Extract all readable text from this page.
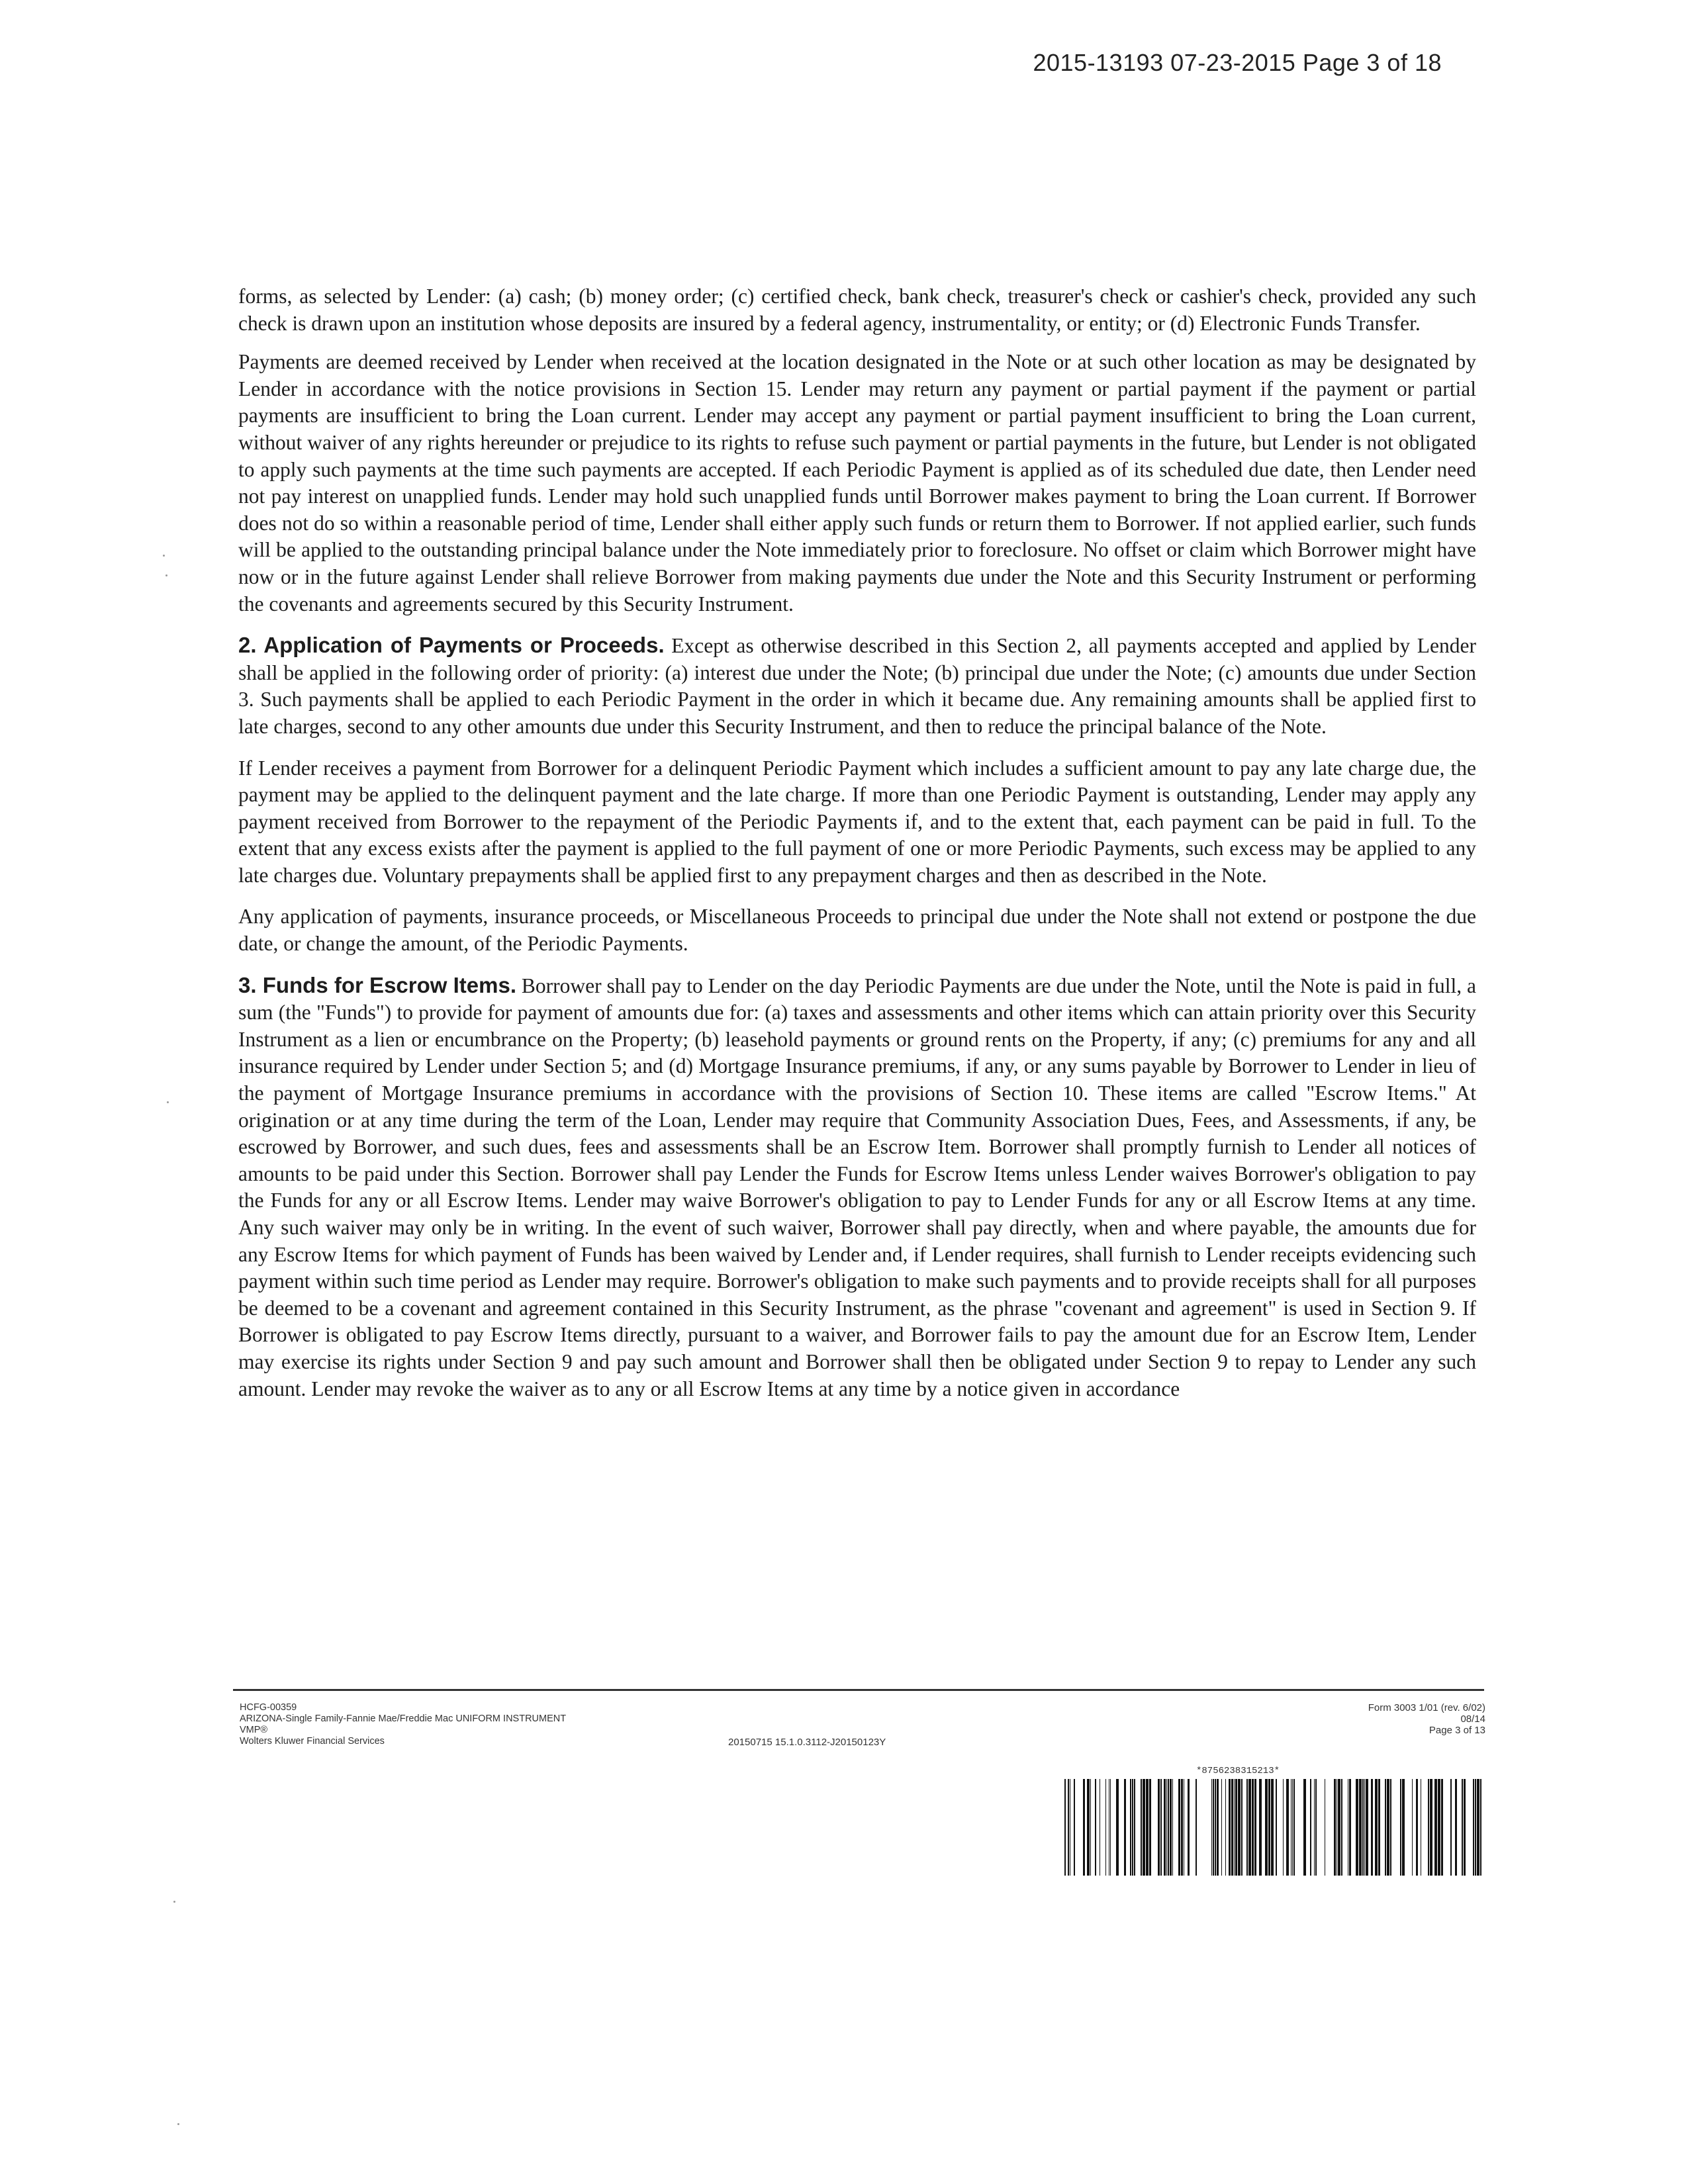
2015-13193 07-23-2015 Page 3 of 18

forms, as selected by Lender: (a) cash; (b) money order; (c) certified check, bank check, treasurer's check or cashier's check, provided any such check is drawn upon an institution whose deposits are insured by a federal agency, instrumentality, or entity; or (d) Electronic Funds Transfer.

Payments are deemed received by Lender when received at the location designated in the Note or at such other location as may be designated by Lender in accordance with the notice provisions in Section 15. Lender may return any payment or partial payment if the payment or partial payments are insufficient to bring the Loan current. Lender may accept any payment or partial payment insufficient to bring the Loan current, without waiver of any rights hereunder or prejudice to its rights to refuse such payment or partial payments in the future, but Lender is not obligated to apply such payments at the time such payments are accepted. If each Periodic Payment is applied as of its scheduled due date, then Lender need not pay interest on unapplied funds. Lender may hold such unapplied funds until Borrower makes payment to bring the Loan current. If Borrower does not do so within a reasonable period of time, Lender shall either apply such funds or return them to Borrower. If not applied earlier, such funds will be applied to the outstanding principal balance under the Note immediately prior to foreclosure. No offset or claim which Borrower might have now or in the future against Lender shall relieve Borrower from making payments due under the Note and this Security Instrument or performing the covenants and agreements secured by this Security Instrument.

2. Application of Payments or Proceeds. Except as otherwise described in this Section 2, all payments accepted and applied by Lender shall be applied in the following order of priority: (a) interest due under the Note; (b) principal due under the Note; (c) amounts due under Section 3. Such payments shall be applied to each Periodic Payment in the order in which it became due. Any remaining amounts shall be applied first to late charges, second to any other amounts due under this Security Instrument, and then to reduce the principal balance of the Note.

If Lender receives a payment from Borrower for a delinquent Periodic Payment which includes a sufficient amount to pay any late charge due, the payment may be applied to the delinquent payment and the late charge. If more than one Periodic Payment is outstanding, Lender may apply any payment received from Borrower to the repayment of the Periodic Payments if, and to the extent that, each payment can be paid in full. To the extent that any excess exists after the payment is applied to the full payment of one or more Periodic Payments, such excess may be applied to any late charges due. Voluntary prepayments shall be applied first to any prepayment charges and then as described in the Note.

Any application of payments, insurance proceeds, or Miscellaneous Proceeds to principal due under the Note shall not extend or postpone the due date, or change the amount, of the Periodic Payments.

3. Funds for Escrow Items. Borrower shall pay to Lender on the day Periodic Payments are due under the Note, until the Note is paid in full, a sum (the "Funds") to provide for payment of amounts due for: (a) taxes and assessments and other items which can attain priority over this Security Instrument as a lien or encumbrance on the Property; (b) leasehold payments or ground rents on the Property, if any; (c) premiums for any and all insurance required by Lender under Section 5; and (d) Mortgage Insurance premiums, if any, or any sums payable by Borrower to Lender in lieu of the payment of Mortgage Insurance premiums in accordance with the provisions of Section 10. These items are called "Escrow Items." At origination or at any time during the term of the Loan, Lender may require that Community Association Dues, Fees, and Assessments, if any, be escrowed by Borrower, and such dues, fees and assessments shall be an Escrow Item. Borrower shall promptly furnish to Lender all notices of amounts to be paid under this Section. Borrower shall pay Lender the Funds for Escrow Items unless Lender waives Borrower's obligation to pay the Funds for any or all Escrow Items. Lender may waive Borrower's obligation to pay to Lender Funds for any or all Escrow Items at any time. Any such waiver may only be in writing. In the event of such waiver, Borrower shall pay directly, when and where payable, the amounts due for any Escrow Items for which payment of Funds has been waived by Lender and, if Lender requires, shall furnish to Lender receipts evidencing such payment within such time period as Lender may require. Borrower's obligation to make such payments and to provide receipts shall for all purposes be deemed to be a covenant and agreement contained in this Security Instrument, as the phrase "covenant and agreement" is used in Section 9. If Borrower is obligated to pay Escrow Items directly, pursuant to a waiver, and Borrower fails to pay the amount due for an Escrow Item, Lender may exercise its rights under Section 9 and pay such amount and Borrower shall then be obligated under Section 9 to repay to Lender any such amount. Lender may revoke the waiver as to any or all Escrow Items at any time by a notice given in accordance

HCFG-00359
ARIZONA-Single Family-Fannie Mae/Freddie Mac UNIFORM INSTRUMENT
VMP®
Wolters Kluwer Financial Services	20150715 15.1.0.3112-J20150123Y
Form 3003 1/01 (rev. 6/02)
08/14
Page 3 of 13
*8756238315213*
